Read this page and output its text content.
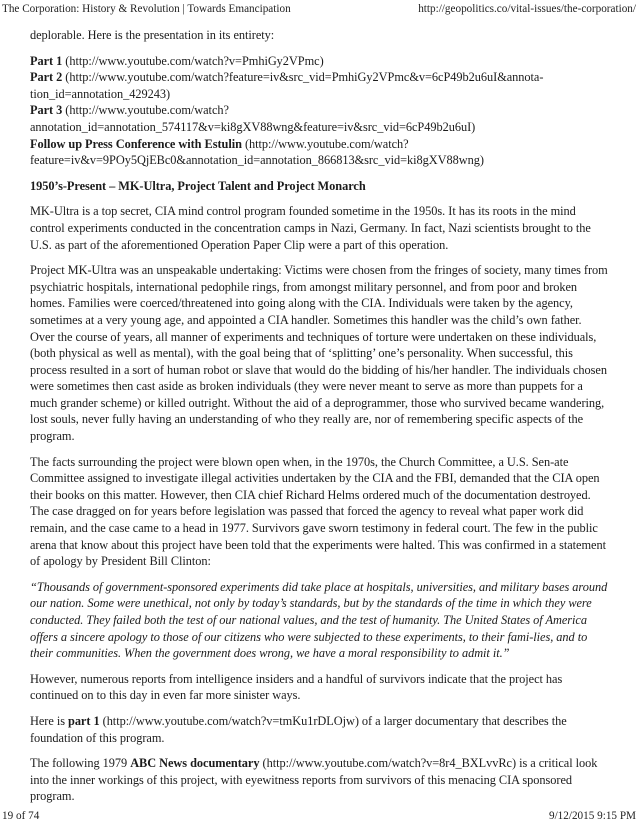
The Corporation: History & Revolution | Towards Emancipation	http://geopolitics.co/vital-issues/the-corporation/

deplorable. Here is the presentation in its entirety:

Part 1 (http://www.youtube.com/watch?v=PmhiGy2VPmc)
Part 2 (http://www.youtube.com/watch?feature=iv&src_vid=PmhiGy2VPmc&v=6cP49b2u6uI&annota-tion_id=annotation_429243)
Part 3 (http://www.youtube.com/watch?annotation_id=annotation_574117&v=ki8gXV88wng&feature=iv&src_vid=6cP49b2u6uI)
Follow up Press Conference with Estulin (http://www.youtube.com/watch?feature=iv&v=9POy5QjEBc0&annotation_id=annotation_866813&src_vid=ki8gXV88wng)

1950’s-Present – MK-Ultra, Project Talent and Project Monarch

MK-Ultra is a top secret, CIA mind control program founded sometime in the 1950s. It has its roots in the mind control experiments conducted in the concentration camps in Nazi, Germany. In fact, Nazi scientists brought to the U.S. as part of the aforementioned Operation Paper Clip were a part of this operation.

Project MK-Ultra was an unspeakable undertaking: Victims were chosen from the fringes of society, many times from psychiatric hospitals, international pedophile rings, from amongst military personnel, and from poor and broken homes. Families were coerced/threatened into going along with the CIA. Individuals were taken by the agency, sometimes at a very young age, and appointed a CIA handler. Sometimes this handler was the child’s own father. Over the course of years, all manner of experiments and techniques of torture were undertaken on these individuals, (both physical as well as mental), with the goal being that of ‘splitting’ one’s personality. When successful, this process resulted in a sort of human robot or slave that would do the bidding of his/her handler. The individuals chosen were sometimes then cast aside as broken individuals (they were never meant to serve as more than puppets for a much grander scheme) or killed outright. Without the aid of a deprogrammer, those who survived became wandering, lost souls, never fully having an understanding of who they really are, nor of remembering specific aspects of the program.

The facts surrounding the project were blown open when, in the 1970s, the Church Committee, a U.S. Sen-ate Committee assigned to investigate illegal activities undertaken by the CIA and the FBI, demanded that the CIA open their books on this matter. However, then CIA chief Richard Helms ordered much of the documentation destroyed. The case dragged on for years before legislation was passed that forced the agency to reveal what paper work did remain, and the case came to a head in 1977. Survivors gave sworn testimony in federal court. The few in the public arena that know about this project have been told that the experiments were halted. This was confirmed in a statement of apology by President Bill Clinton:

“Thousands of government-sponsored experiments did take place at hospitals, universities, and military bases around our nation. Some were unethical, not only by today’s standards, but by the standards of the time in which they were conducted. They failed both the test of our national values, and the test of humanity. The United States of America offers a sincere apology to those of our citizens who were subjected to these experiments, to their fami-lies, and to their communities. When the government does wrong, we have a moral responsibility to admit it.”

However, numerous reports from intelligence insiders and a handful of survivors indicate that the project has continued on to this day in even far more sinister ways.

Here is part 1 (http://www.youtube.com/watch?v=tmKu1rDLOjw) of a larger documentary that describes the foundation of this program.

The following 1979 ABC News documentary (http://www.youtube.com/watch?v=8r4_BXLvvRc) is a critical look into the inner workings of this project, with eyewitness reports from survivors of this menacing CIA sponsored program.

19 of 74	9/12/2015 9:15 PM
